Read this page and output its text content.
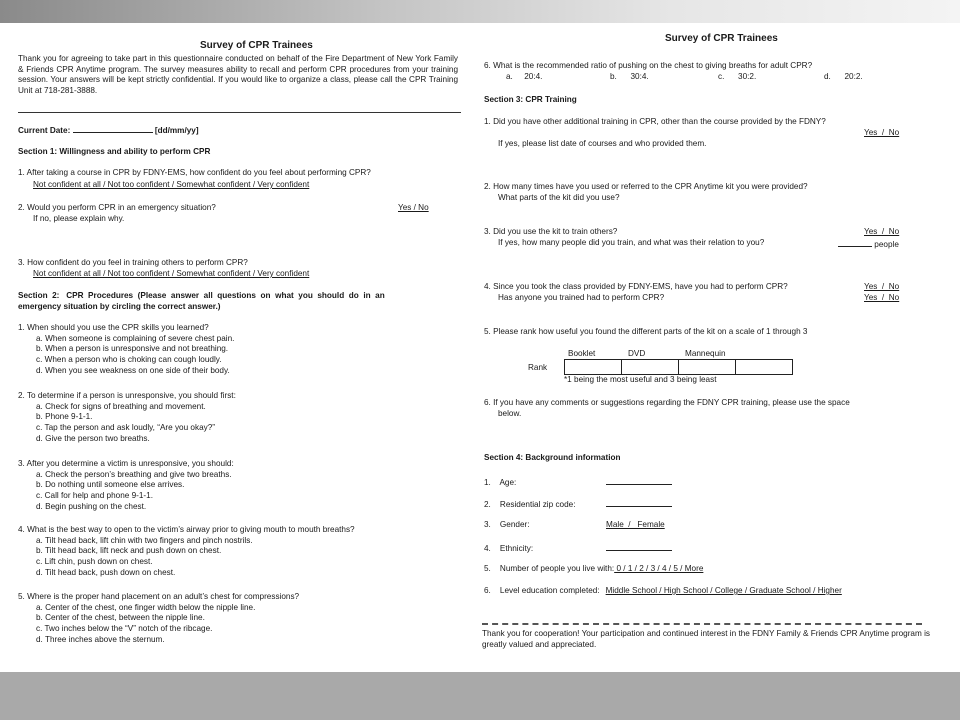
Survey of CPR Trainees
Thank you for agreeing to take part in this questionnaire conducted on behalf of the Fire Department of New York Family & Friends CPR Anytime program. The survey measures ability to recall and perform CPR procedures from your training session. Your answers will be kept strictly confidential. If you would like to organize a class, please call the CPR Training Unit at 718-281-3888.
Current Date:	[dd/mm/yy]
Section 1: Willingness and ability to perform CPR
1. After taking a course in CPR by FDNY-EMS, how confident do you feel about performing CPR?
Not confident at all / Not too confident / Somewhat confident / Very confident
2. Would you perform CPR in an emergency situation?	Yes / No
If no, please explain why.
3. How confident do you feel in training others to perform CPR?
Not confident at all / Not too confident / Somewhat confident / Very confident
Section  2:   CPR  Procedures  (Please  answer  all  questions  on  what  you  should  do  in  an
emergency situation by circling the correct answer.)
1. When should you use the CPR skills you learned?
a. When someone is complaining of severe chest pain.
b. When a person is unresponsive and not breathing.
c. When a person who is choking can cough loudly.
d. When you see weakness on one side of their body.
2. To determine if a person is unresponsive, you should first:
a. Check for signs of breathing and movement.
b. Phone 9-1-1.
c. Tap the person and ask loudly, “Are you okay?”
d. Give the person two breaths.
3. After you determine a victim is unresponsive, you should:
a. Check the person’s breathing and give two breaths.
b. Do nothing until someone else arrives.
c. Call for help and phone 9-1-1.
d. Begin pushing on the chest.
4. What is the best way to open to the victim’s airway prior to giving mouth to mouth breaths?
a. Tilt head back, lift chin with two fingers and pinch nostrils.
b. Tilt head back, lift neck and push down on chest.
c. Lift chin, push down on chest.
d. Tilt head back, push down on chest.
5. Where is the proper hand placement on an adult’s chest for compressions?
a. Center of the chest, one finger width below the nipple line.
b. Center of the chest, between the nipple line.
c. Two inches below the “V” notch of the ribcage.
d. Three inches above the sternum.
Survey of CPR Trainees
6. What is the recommended ratio of pushing on the chest to giving breaths for adult CPR?
a.     20:4.	b.      30:4.	c.      30:2.	d.      20:2.
Section 3: CPR Training
1. Did you have other additional training in CPR, other than the course provided by the FDNY?
Yes  /  No
If yes, please list date of courses and who provided them.
2. How many times have you used or referred to the CPR Anytime kit you were provided?
What parts of the kit did you use?
3. Did you use the kit to train others?	Yes  /  No
If yes, how many people did you train, and what was their relation to you?	people
4. Since you took the class provided by FDNY-EMS, have you had to perform CPR?	Yes  /  No
Has anyone you trained had to perform CPR?	Yes  /  No
5. Please rank how useful you found the different parts of the kit on a scale of 1 through 3
Booklet	DVD	Mannequin
Rank

*1 being the most useful and 3 being least
6. If you have any comments or suggestions regarding the FDNY CPR training, please use the space
below.
Section 4: Background information
1.    Age:
2.    Residential zip code:
3.    Gender:	Male  /   Female
4.    Ethnicity:
5.    Number of people you live with: 0 / 1 / 2 / 3 / 4 / 5 / More
6.    Level education completed: Middle School / High School / College / Graduate School / Higher
Thank you for cooperation! Your participation and continued interest in the FDNY Family & Friends CPR Anytime program is greatly valued and appreciated.
